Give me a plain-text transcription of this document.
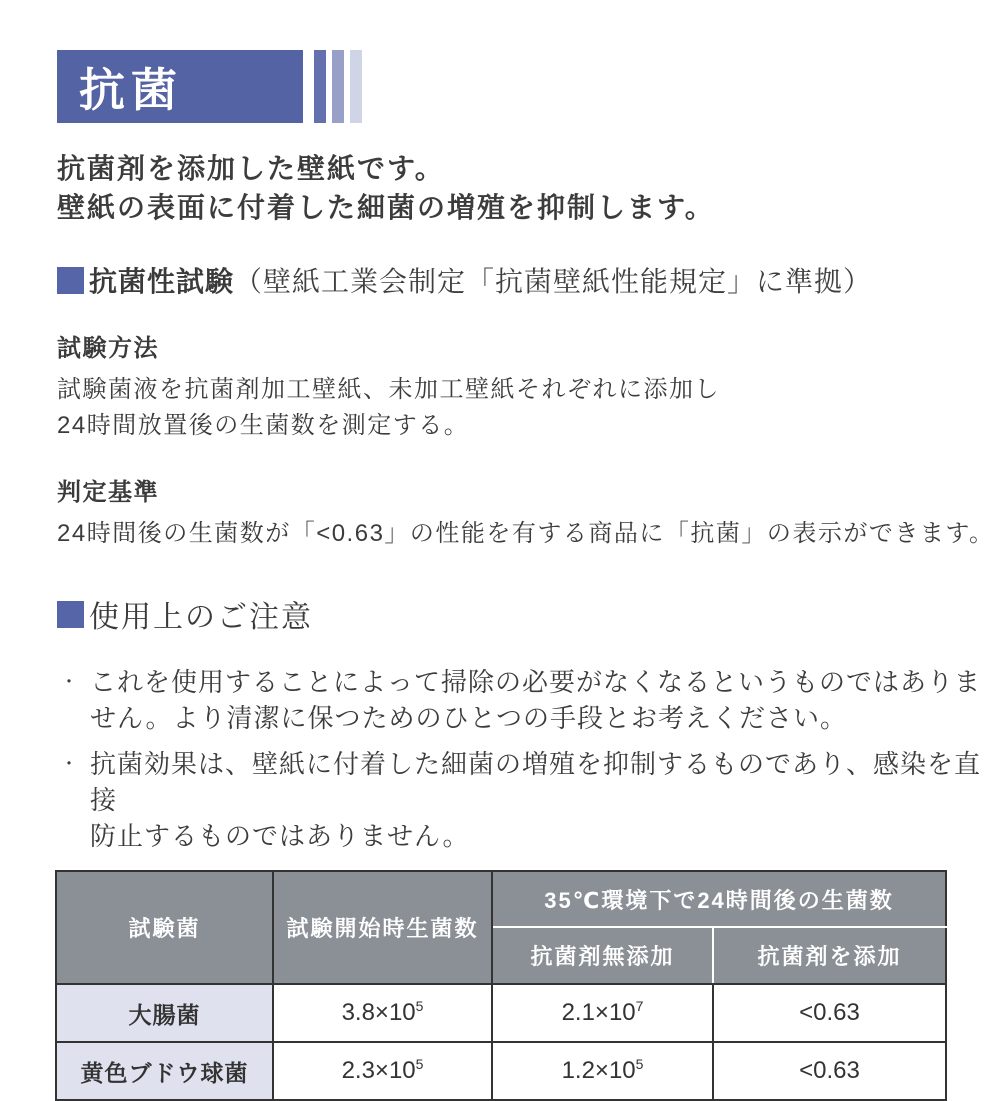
抗菌
抗菌剤を添加した壁紙です。
壁紙の表面に付着した細菌の増殖を抑制します。
抗菌性試験 （壁紙工業会制定「抗菌壁紙性能規定」に準拠）
試験方法
試験菌液を抗菌剤加工壁紙、未加工壁紙それぞれに添加し
24時間放置後の生菌数を測定する。
判定基準
24時間後の生菌数が「<0.63」の性能を有する商品に「抗菌」の表示ができます。
使用上のご注意
・ これを使用することによって掃除の必要がなくなるというものではありま
せん。より清潔に保つためのひとつの手段とお考えください。
・ 抗菌効果は、壁紙に付着した細菌の増殖を抑制するものであり、感染を直接
防止するものではありません。
試験菌	試験開始時生菌数	35℃環境下で24時間後の生菌数	
		抗菌剤無添加	抗菌剤を添加
大腸菌	$3.8\times 10^5$	$2.1\times 10^7$	<0.63
黄色ブドウ球菌	$2.3\times 10^5$	$1.2\times 10^5$	<0.63
